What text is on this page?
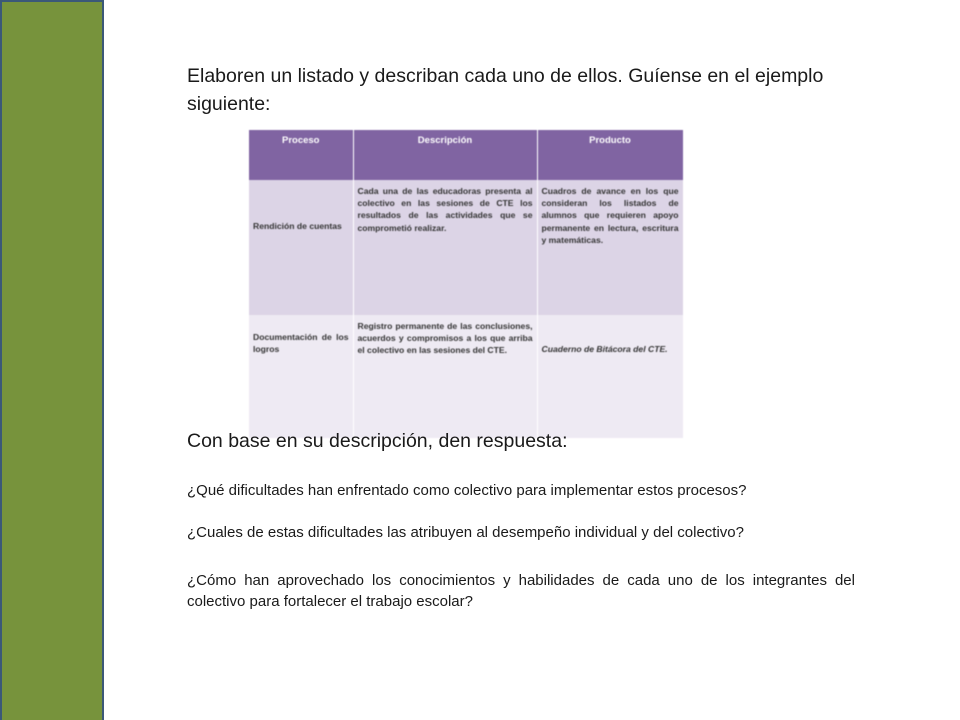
Elaboren un listado y describan cada uno de ellos. Guíense en el ejemplo siguiente:

Proceso	Descripción	Producto
Rendición de cuentas	Cada una de las educadoras presenta al colectivo en las sesiones de CTE los resultados de las actividades que se comprometió realizar.	Cuadros de avance en los que consideran los listados de alumnos que requieren apoyo permanente en lectura, escritura y matemáticas.
Documentación de los logros	Registro permanente de las conclusiones, acuerdos y compromisos a los que arriba el colectivo en las sesiones del CTE.	Cuaderno de Bitácora del CTE.

Con base en su descripción, den respuesta:

¿Qué dificultades han enfrentado como colectivo para implementar estos procesos?

¿Cuales de estas dificultades las atribuyen al desempeño individual y del colectivo?

¿Cómo han aprovechado los conocimientos y habilidades de cada uno de los integrantes del colectivo para fortalecer el trabajo escolar?
